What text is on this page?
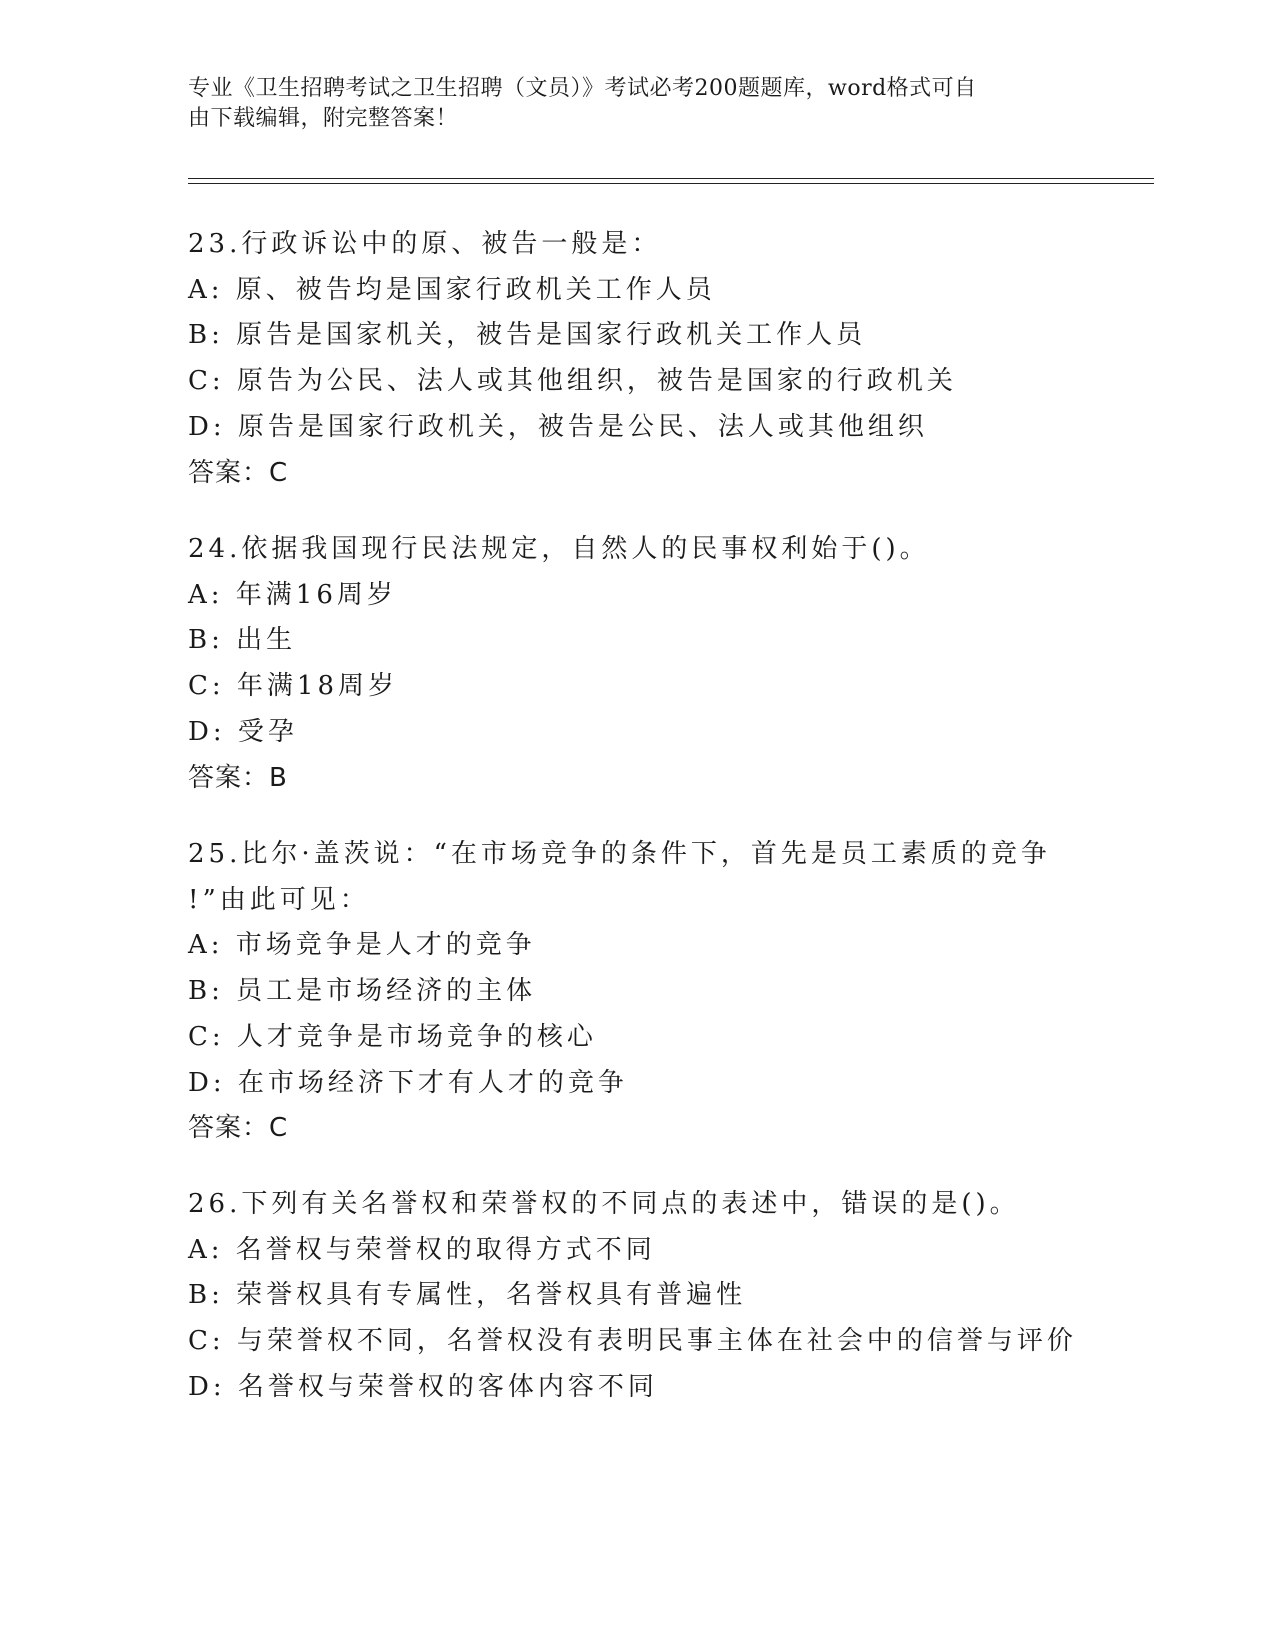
专业《卫生招聘考试之卫生招聘（文员）》考试必考200题题库，word格式可自
由下载编辑，附完整答案！
23.行政诉讼中的原、被告一般是：
A: 原、被告均是国家行政机关工作人员
B: 原告是国家机关，被告是国家行政机关工作人员
C: 原告为公民、法人或其他组织，被告是国家的行政机关
D: 原告是国家行政机关，被告是公民、法人或其他组织
答案：C
24.依据我国现行民法规定，自然人的民事权利始于()。
A: 年满16周岁
B: 出生
C: 年满18周岁
D: 受孕
答案：B
25.比尔·盖茨说：“在市场竞争的条件下，首先是员工素质的竞争
!”由此可见：
A: 市场竞争是人才的竞争
B: 员工是市场经济的主体
C: 人才竞争是市场竞争的核心
D: 在市场经济下才有人才的竞争
答案：C
26.下列有关名誉权和荣誉权的不同点的表述中，错误的是()。
A: 名誉权与荣誉权的取得方式不同
B: 荣誉权具有专属性，名誉权具有普遍性
C: 与荣誉权不同，名誉权没有表明民事主体在社会中的信誉与评价
D: 名誉权与荣誉权的客体内容不同
